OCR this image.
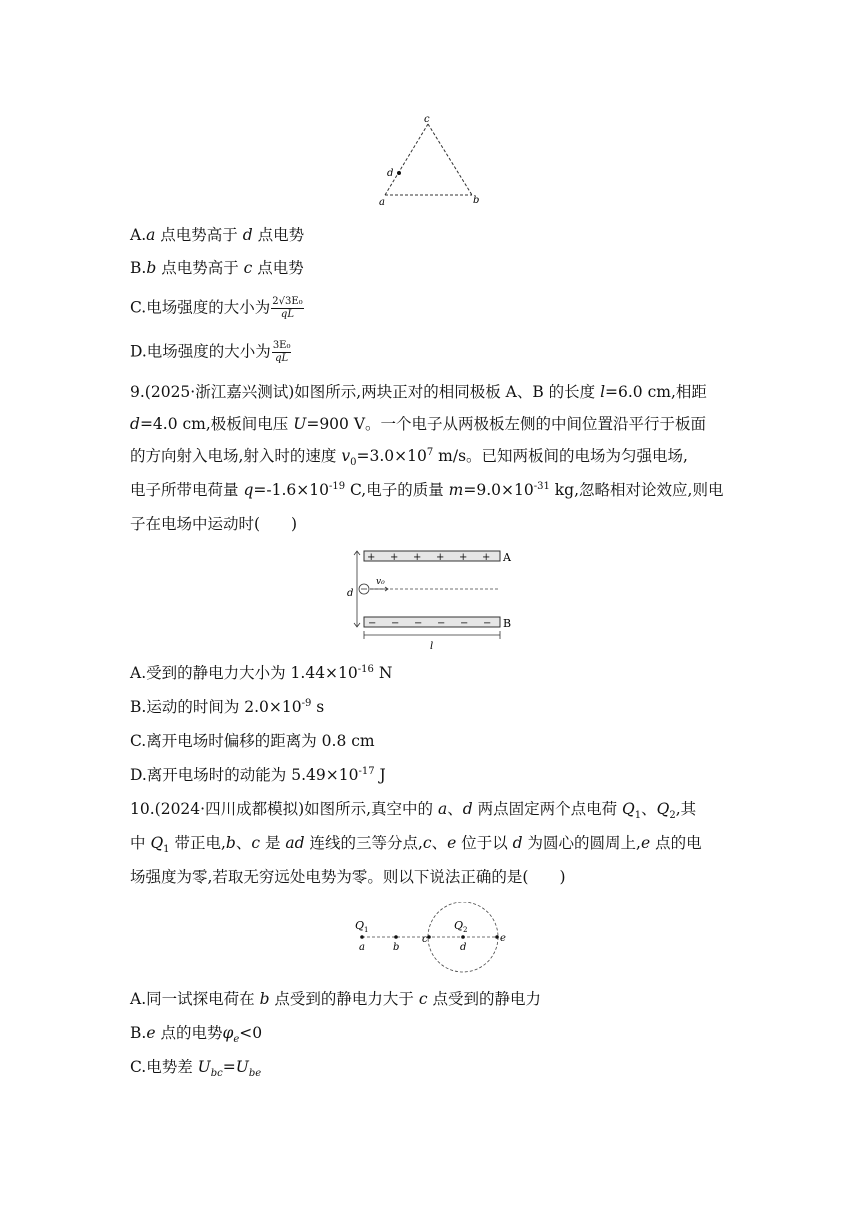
c
d
a	b
A.a 点电势高于 d 点电势
B.b 点电势高于 c 点电势
C.电场强度的大小为 $\frac{\text{2√3E₀}}{qL}$
D.电场强度的大小为 $\frac{\text{3E₀}}{qL}$
9.(2025·浙江嘉兴测试)如图所示,两块正对的相同极板 A、B 的长度 l=6.0 cm,相距
d=4.0 cm,极板间电压 U=900 V。一个电子从两极板左侧的中间位置沿平行于板面
的方向射入电场,射入时的速度 $v_0=3.0\times 10^7$ m/s。已知两板间的电场为匀强电场,
电子所带电荷量 $q=-1.6\times 10^{-19}$ C,电子的质量 $m=9.0\times 10^{-31}$ kg,忽略相对论效应,则电
子在电场中运动时(　　)
+ + + + + +
− − − − − −
A
B
d
v₀
l
A.受到的静电力大小为 $1.44\times 10^{-16}$ N
B.运动的时间为 $2.0\times 10^{-9}$ s
C.离开电场时偏移的距离为 0.8 cm
D.离开电场时的动能为 $5.49\times 10^{-17}$ J
10.(2024·四川成都模拟)如图所示,真空中的 a、d 两点固定两个点电荷 $Q_1$、$Q_2$,其
中 $Q_1$ 带正电,b、c 是 ad 连线的三等分点,c、e 位于以 d 为圆心的圆周上,e 点的电
场强度为零,若取无穷远处电势为零。则以下说法正确的是(　　)
$Q_1$	$Q_2$
a	b
c
d
e
A.同一试探电荷在 b 点受到的静电力大于 c 点受到的静电力
B.e 点的电势$\varphi_e<0$
C.电势差 $U_{bc}=U_{be}$
